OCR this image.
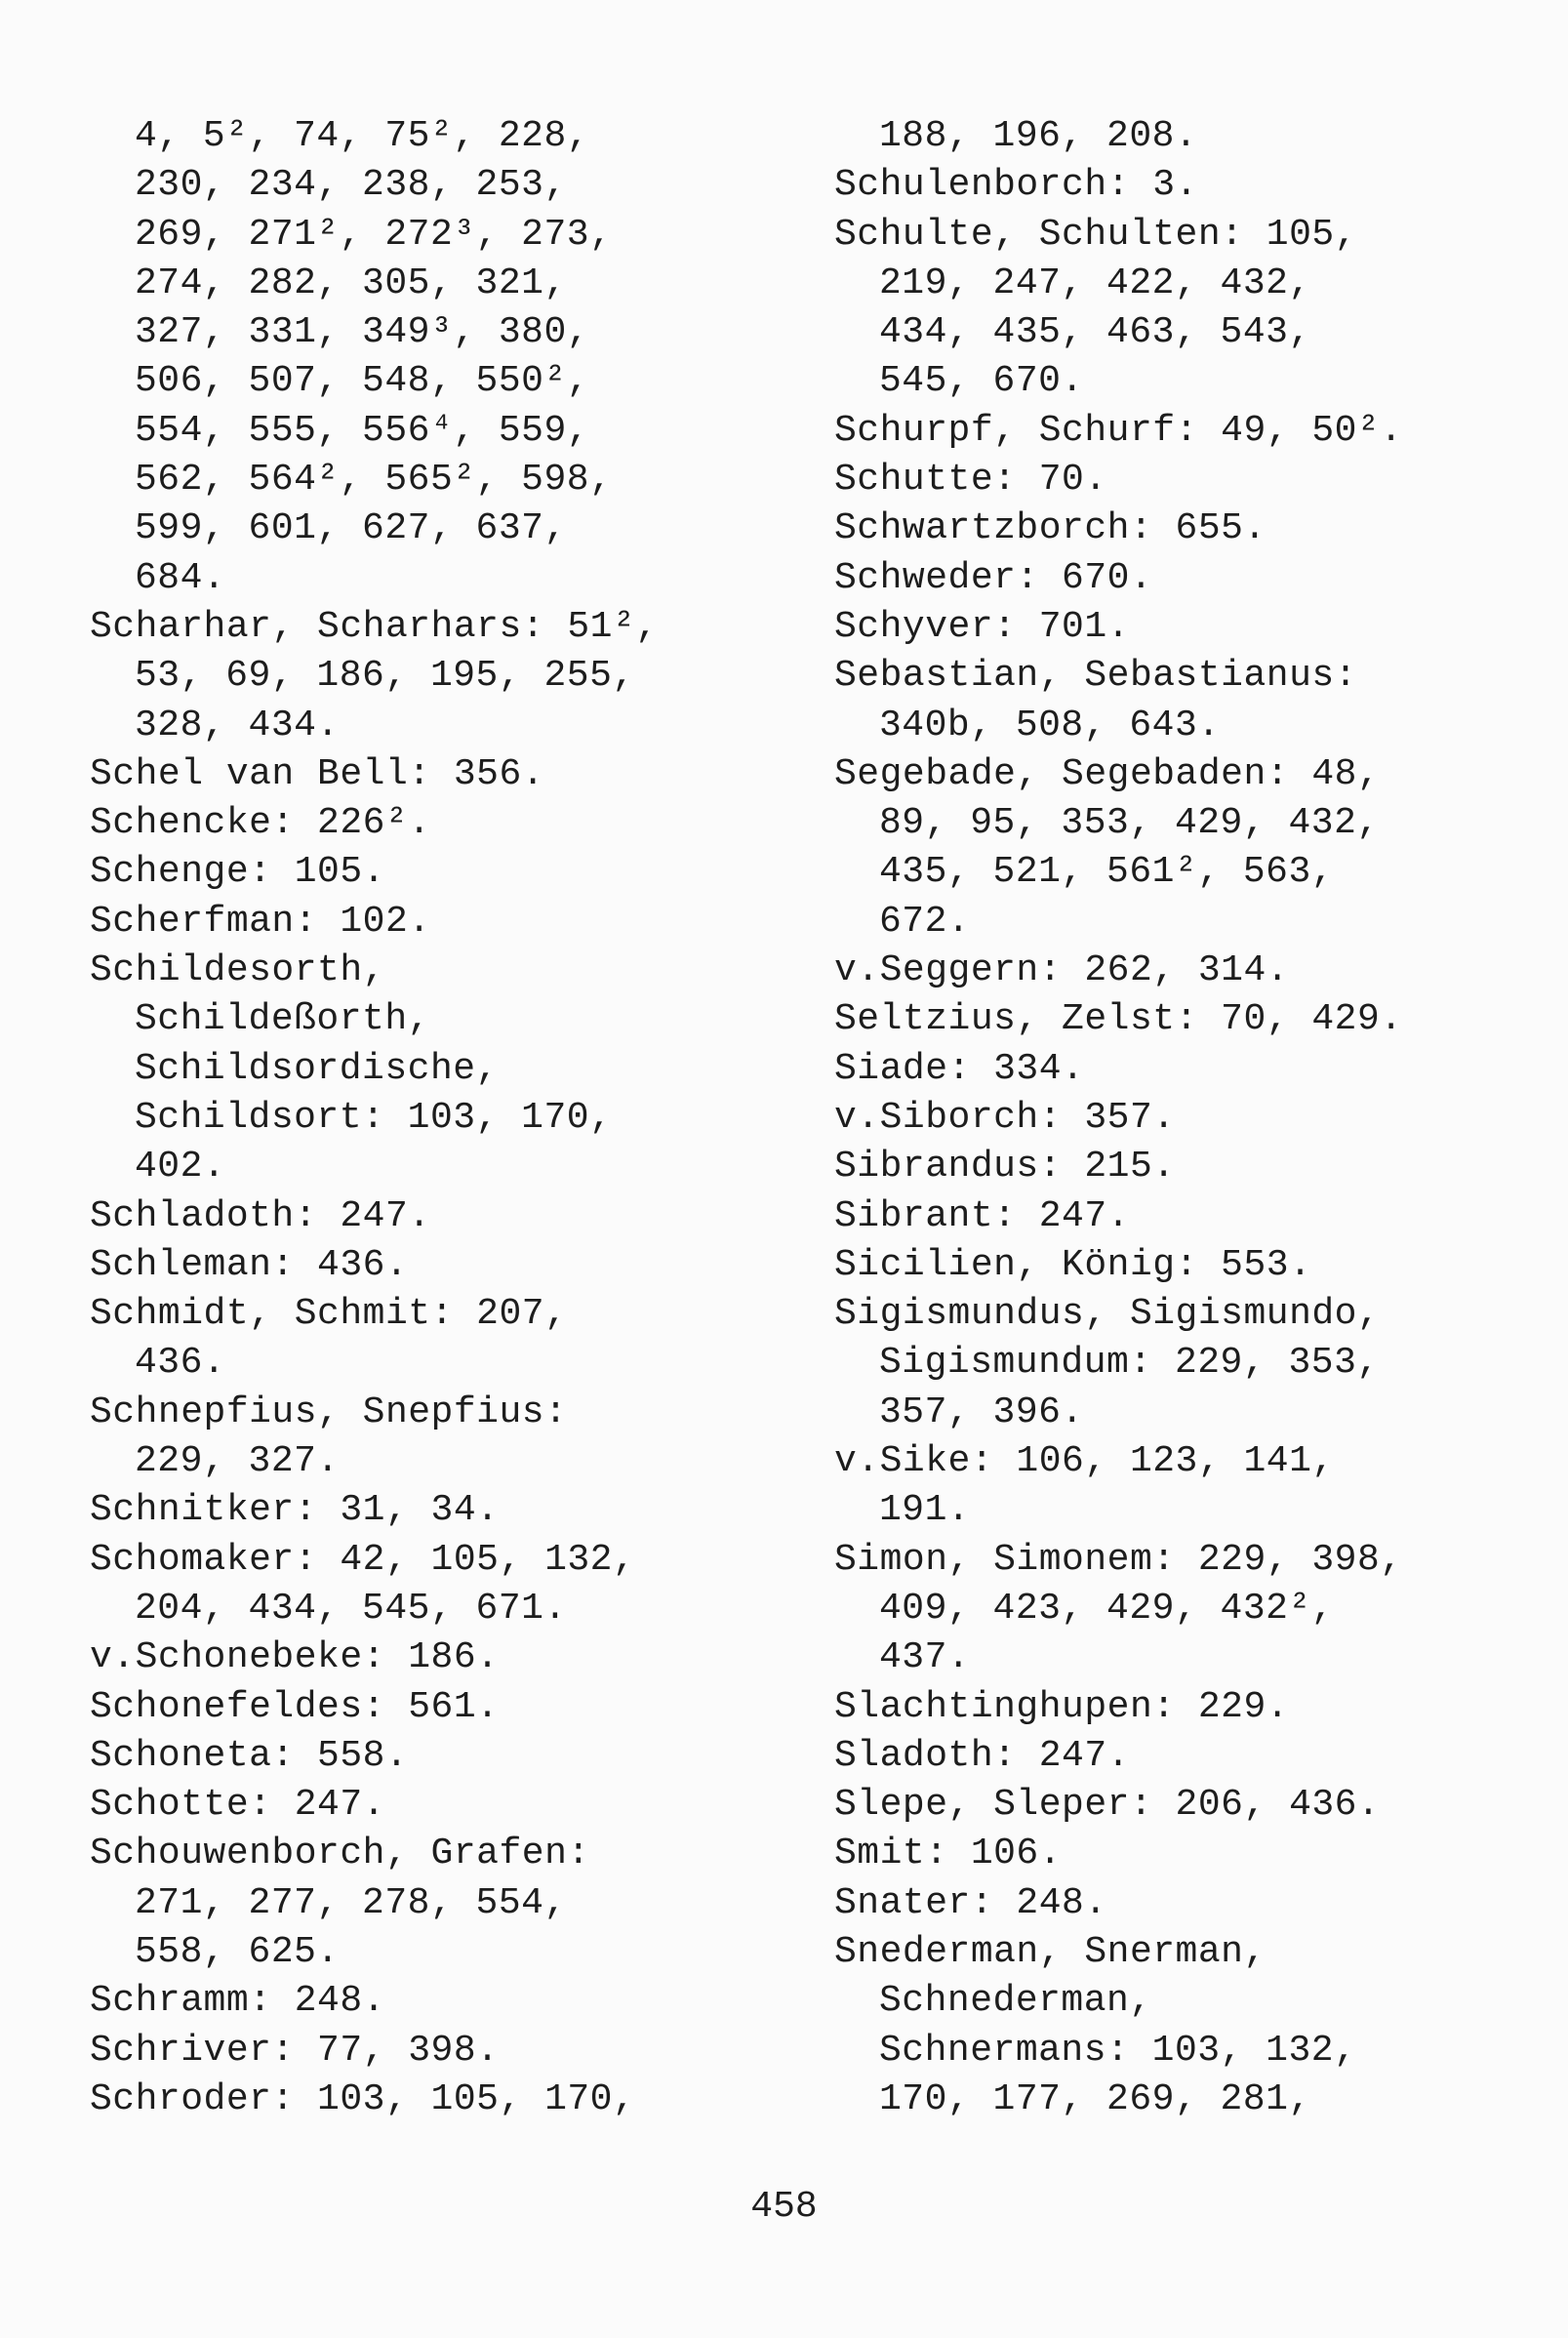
4, 5², 74, 75², 228,
230, 234, 238, 253,
269, 271², 272³, 273,
274, 282, 305, 321,
327, 331, 349³, 380,
506, 507, 548, 550²,
554, 555, 556⁴, 559,
562, 564², 565², 598,
599, 601, 627, 637,
684.
Scharhar, Scharhars: 51²,
53, 69, 186, 195, 255,
328, 434.
Schel van Bell: 356.
Schencke: 226².
Schenge: 105.
Scherfman: 102.
Schildesorth,
Schildeßorth,
Schildsordische,
Schildsort: 103, 170,
402.
Schladoth: 247.
Schleman: 436.
Schmidt, Schmit: 207,
436.
Schnepfius, Snepfius:
229, 327.
Schnitker: 31, 34.
Schomaker: 42, 105, 132,
204, 434, 545, 671.
v.Schonebeke: 186.
Schonefeldes: 561.
Schoneta: 558.
Schotte: 247.
Schouwenborch, Grafen:
271, 277, 278, 554,
558, 625.
Schramm: 248.
Schriver: 77, 398.
Schroder: 103, 105, 170,
188, 196, 208.
Schulenborch: 3.
Schulte, Schulten: 105,
219, 247, 422, 432,
434, 435, 463, 543,
545, 670.
Schurpf, Schurf: 49, 50².
Schutte: 70.
Schwartzborch: 655.
Schweder: 670.
Schyver: 701.
Sebastian, Sebastianus:
340b, 508, 643.
Segebade, Segebaden: 48,
89, 95, 353, 429, 432,
435, 521, 561², 563,
672.
v.Seggern: 262, 314.
Seltzius, Zelst: 70, 429.
Siade: 334.
v.Siborch: 357.
Sibrandus: 215.
Sibrant: 247.
Sicilien, König: 553.
Sigismundus, Sigismundo,
Sigismundum: 229, 353,
357, 396.
v.Sike: 106, 123, 141,
191.
Simon, Simonem: 229, 398,
409, 423, 429, 432²,
437.
Slachtinghupen: 229.
Sladoth: 247.
Slepe, Sleper: 206, 436.
Smit: 106.
Snater: 248.
Snederman, Snerman,
Schnederman,
Schnermans: 103, 132,
170, 177, 269, 281,
458
